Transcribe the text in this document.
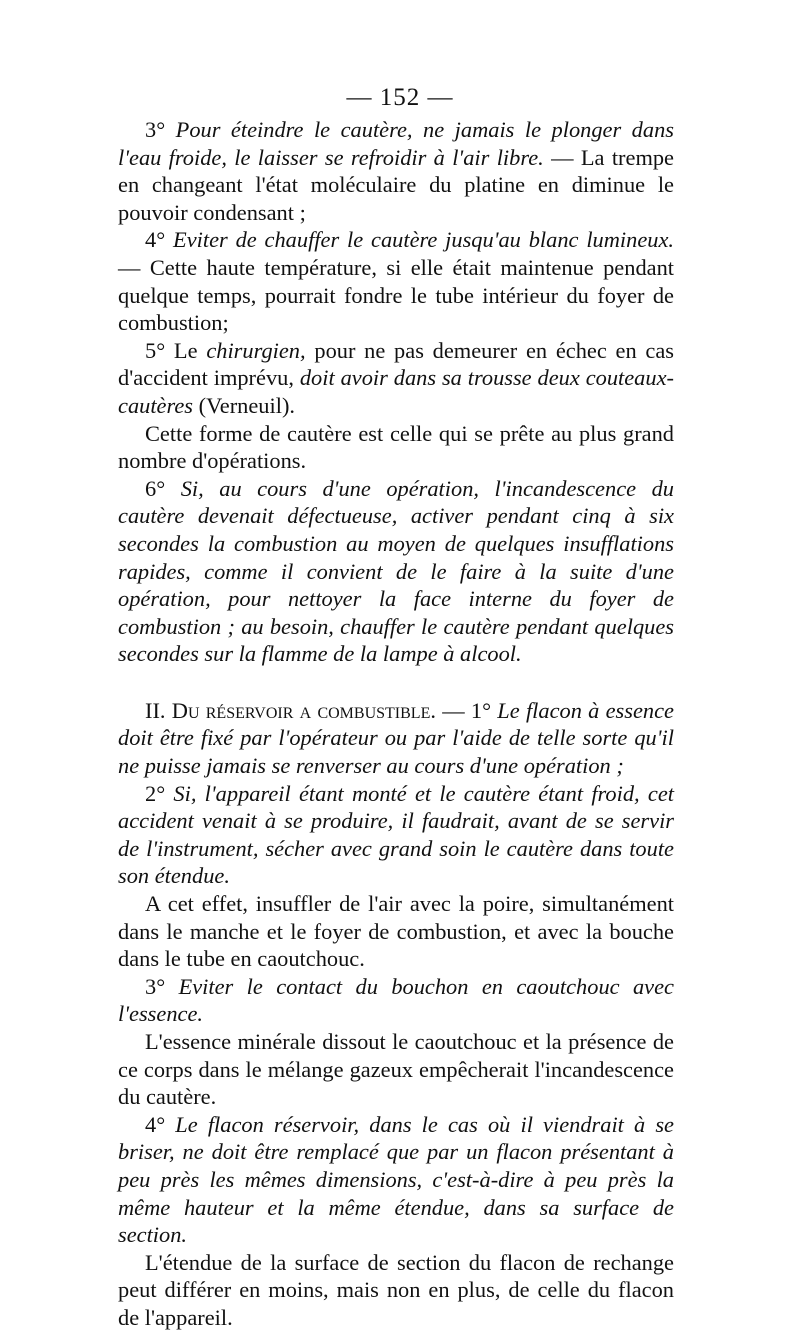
— 152 —

3° Pour éteindre le cautère, ne jamais le plonger dans l'eau froide, le laisser se refroidir à l'air libre. — La trempe en changeant l'état moléculaire du platine en diminue le pouvoir condensant ;

4° Eviter de chauffer le cautère jusqu'au blanc lumineux. — Cette haute température, si elle était maintenue pendant quelque temps, pourrait fondre le tube intérieur du foyer de combustion;

5° Le chirurgien, pour ne pas demeurer en échec en cas d'accident imprévu, doit avoir dans sa trousse deux couteaux-cautères (Verneuil).

Cette forme de cautère est celle qui se prête au plus grand nombre d'opérations.

6° Si, au cours d'une opération, l'incandescence du cautère devenait défectueuse, activer pendant cinq à six secondes la combustion au moyen de quelques insufflations rapides, comme il convient de le faire à la suite d'une opération, pour nettoyer la face interne du foyer de combustion ; au besoin, chauffer le cautère pendant quelques secondes sur la flamme de la lampe à alcool.

II. Du réservoir a combustible. — 1° Le flacon à essence doit être fixé par l'opérateur ou par l'aide de telle sorte qu'il ne puisse jamais se renverser au cours d'une opération ;

2° Si, l'appareil étant monté et le cautère étant froid, cet accident venait à se produire, il faudrait, avant de se servir de l'instrument, sécher avec grand soin le cautère dans toute son étendue.

A cet effet, insuffler de l'air avec la poire, simultanément dans le manche et le foyer de combustion, et avec la bouche dans le tube en caoutchouc.

3° Eviter le contact du bouchon en caoutchouc avec l'essence.

L'essence minérale dissout le caoutchouc et la présence de ce corps dans le mélange gazeux empêcherait l'incandescence du cautère.

4° Le flacon réservoir, dans le cas où il viendrait à se briser, ne doit être remplacé que par un flacon présentant à peu près les mêmes dimensions, c'est-à-dire à peu près la même hauteur et la même étendue, dans sa surface de section.

L'étendue de la surface de section du flacon de rechange peut différer en moins, mais non en plus, de celle du flacon de l'appareil.
